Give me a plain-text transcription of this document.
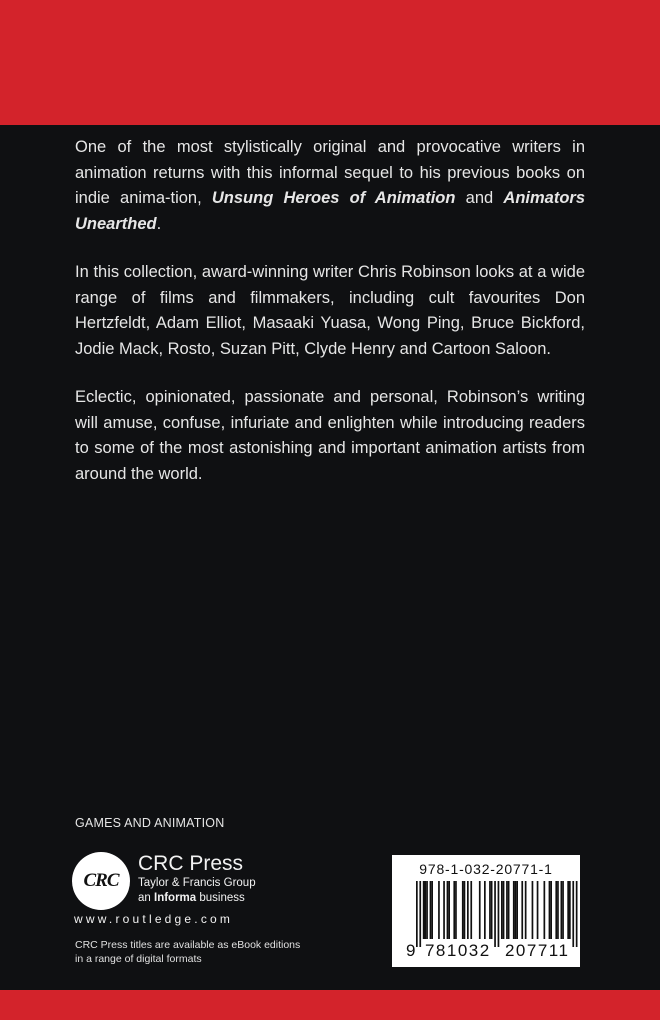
One of the most stylistically original and provocative writers in animation returns with this informal sequel to his previous books on indie anima-tion, Unsung Heroes of Animation and Animators Unearthed.

In this collection, award-winning writer Chris Robinson looks at a wide range of films and filmmakers, including cult favourites Don Hertzfeldt, Adam Elliot, Masaaki Yuasa, Wong Ping, Bruce Bickford, Jodie Mack, Rosto, Suzan Pitt, Clyde Henry and Cartoon Saloon.

Eclectic, opinionated, passionate and personal, Robinson’s writing will amuse, confuse, infuriate and enlighten while introducing readers to some of the most astonishing and important animation artists from around the world.

GAMES AND ANIMATION
CRC
CRC Press
Taylor & Francis Group
an Informa business
www.routledge.com
CRC Press titles are available as eBook editions
in a range of digital formats
978-1-032-20771-1
9 781032 207711
